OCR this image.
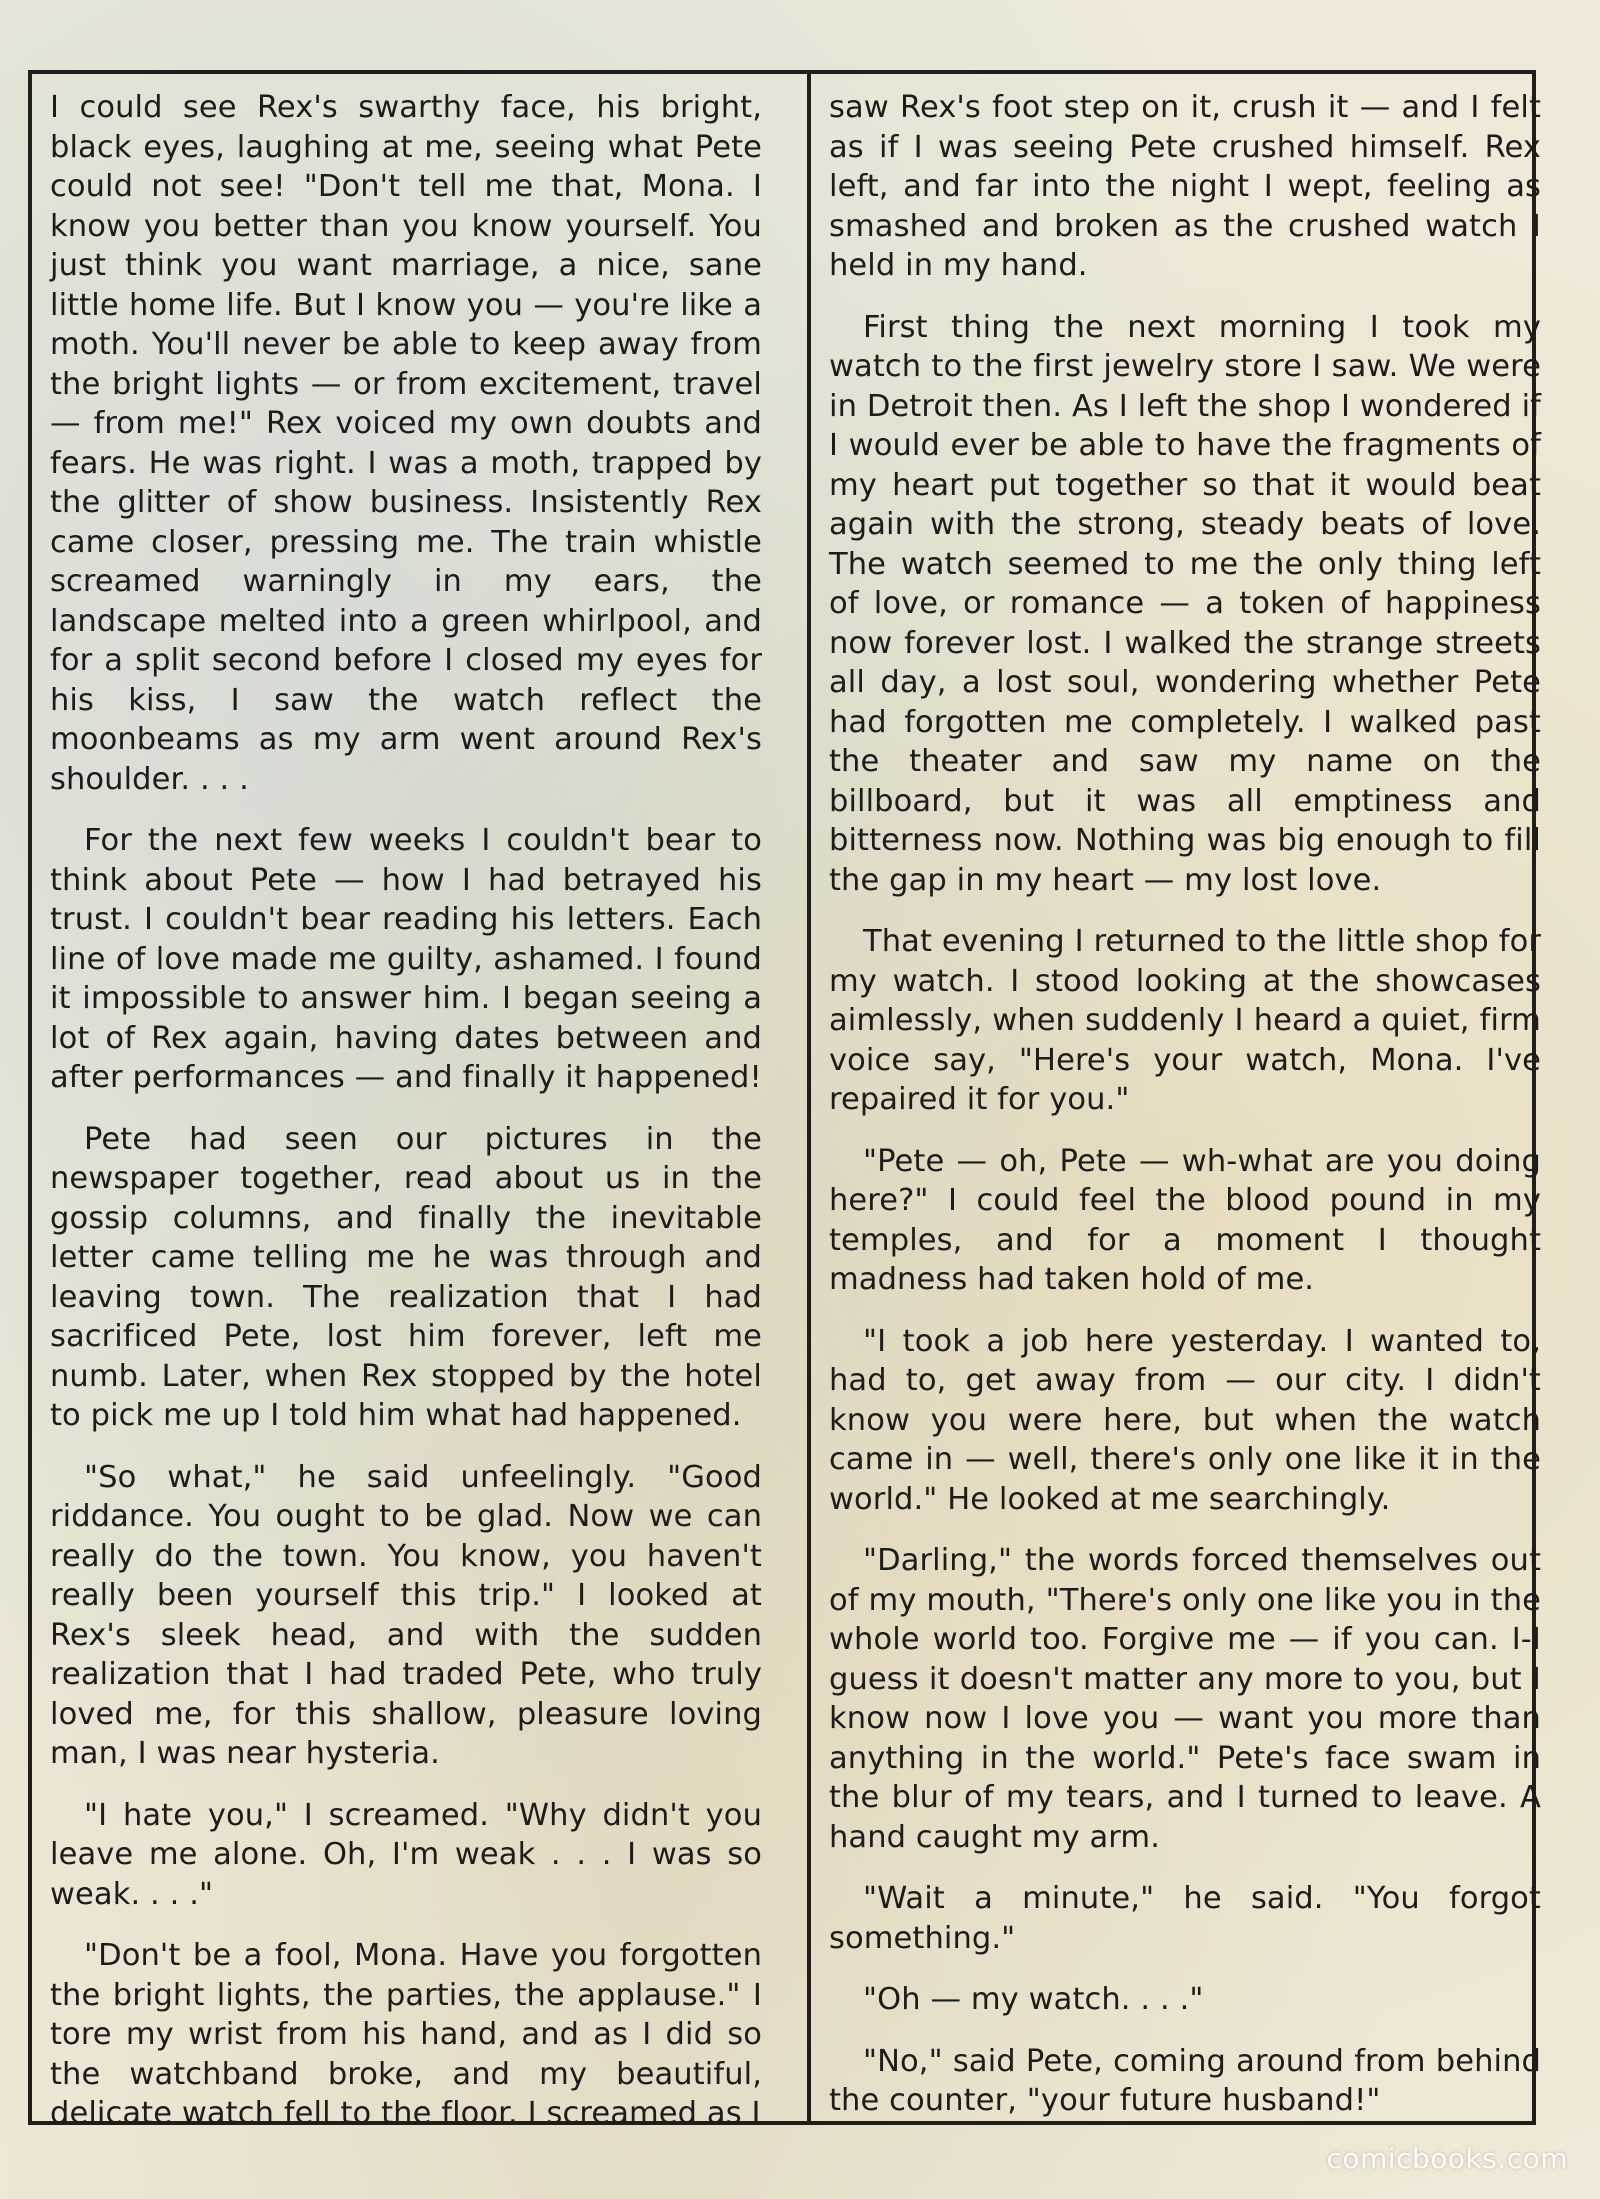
I could see Rex's swarthy face, his bright, black eyes, laughing at me, seeing what Pete could not see! "Don't tell me that, Mona. I know you better than you know yourself. You just think you want marriage, a nice, sane little home life. But I know you — you're like a moth. You'll never be able to keep away from the bright lights — or from excitement, travel — from me!" Rex voiced my own doubts and fears. He was right. I was a moth, trapped by the glitter of show business. Insistently Rex came closer, pressing me. The train whistle screamed warningly in my ears, the landscape melted into a green whirlpool, and for a split second before I closed my eyes for his kiss, I saw the watch reflect the moonbeams as my arm went around Rex's shoulder. . . .

For the next few weeks I couldn't bear to think about Pete — how I had betrayed his trust. I couldn't bear reading his letters. Each line of love made me guilty, ashamed. I found it impossible to answer him. I began seeing a lot of Rex again, having dates between and after performances — and finally it happened!

Pete had seen our pictures in the newspaper together, read about us in the gossip columns, and finally the inevitable letter came telling me he was through and leaving town. The realization that I had sacrificed Pete, lost him forever, left me numb. Later, when Rex stopped by the hotel to pick me up I told him what had happened.

"So what," he said unfeelingly. "Good riddance. You ought to be glad. Now we can really do the town. You know, you haven't really been yourself this trip." I looked at Rex's sleek head, and with the sudden realization that I had traded Pete, who truly loved me, for this shallow, pleasure loving man, I was near hysteria.

"I hate you," I screamed. "Why didn't you leave me alone. Oh, I'm weak . . . I was so weak. . . ."

"Don't be a fool, Mona. Have you forgotten the bright lights, the parties, the applause." I tore my wrist from his hand, and as I did so the watchband broke, and my beautiful, delicate watch fell to the floor. I screamed as I

saw Rex's foot step on it, crush it — and I felt as if I was seeing Pete crushed himself. Rex left, and far into the night I wept, feeling as smashed and broken as the crushed watch I held in my hand.

First thing the next morning I took my watch to the first jewelry store I saw. We were in Detroit then. As I left the shop I wondered if I would ever be able to have the fragments of my heart put together so that it would beat again with the strong, steady beats of love. The watch seemed to me the only thing left of love, or romance — a token of happiness now forever lost. I walked the strange streets all day, a lost soul, wondering whether Pete had forgotten me completely. I walked past the theater and saw my name on the billboard, but it was all emptiness and bitterness now. Nothing was big enough to fill the gap in my heart — my lost love.

That evening I returned to the little shop for my watch. I stood looking at the showcases aimlessly, when suddenly I heard a quiet, firm voice say, "Here's your watch, Mona. I've repaired it for you."

"Pete — oh, Pete — wh-what are you doing here?" I could feel the blood pound in my temples, and for a moment I thought madness had taken hold of me.

"I took a job here yesterday. I wanted to, had to, get away from — our city. I didn't know you were here, but when the watch came in — well, there's only one like it in the world." He looked at me searchingly.

"Darling," the words forced themselves out of my mouth, "There's only one like you in the whole world too. Forgive me — if you can. I-I guess it doesn't matter any more to you, but I know now I love you — want you more than anything in the world." Pete's face swam in the blur of my tears, and I turned to leave. A hand caught my arm.

"Wait a minute," he said. "You forgot something."

"Oh — my watch. . . ."

"No," said Pete, coming around from behind the counter, "your future husband!"

comicbooks.com
